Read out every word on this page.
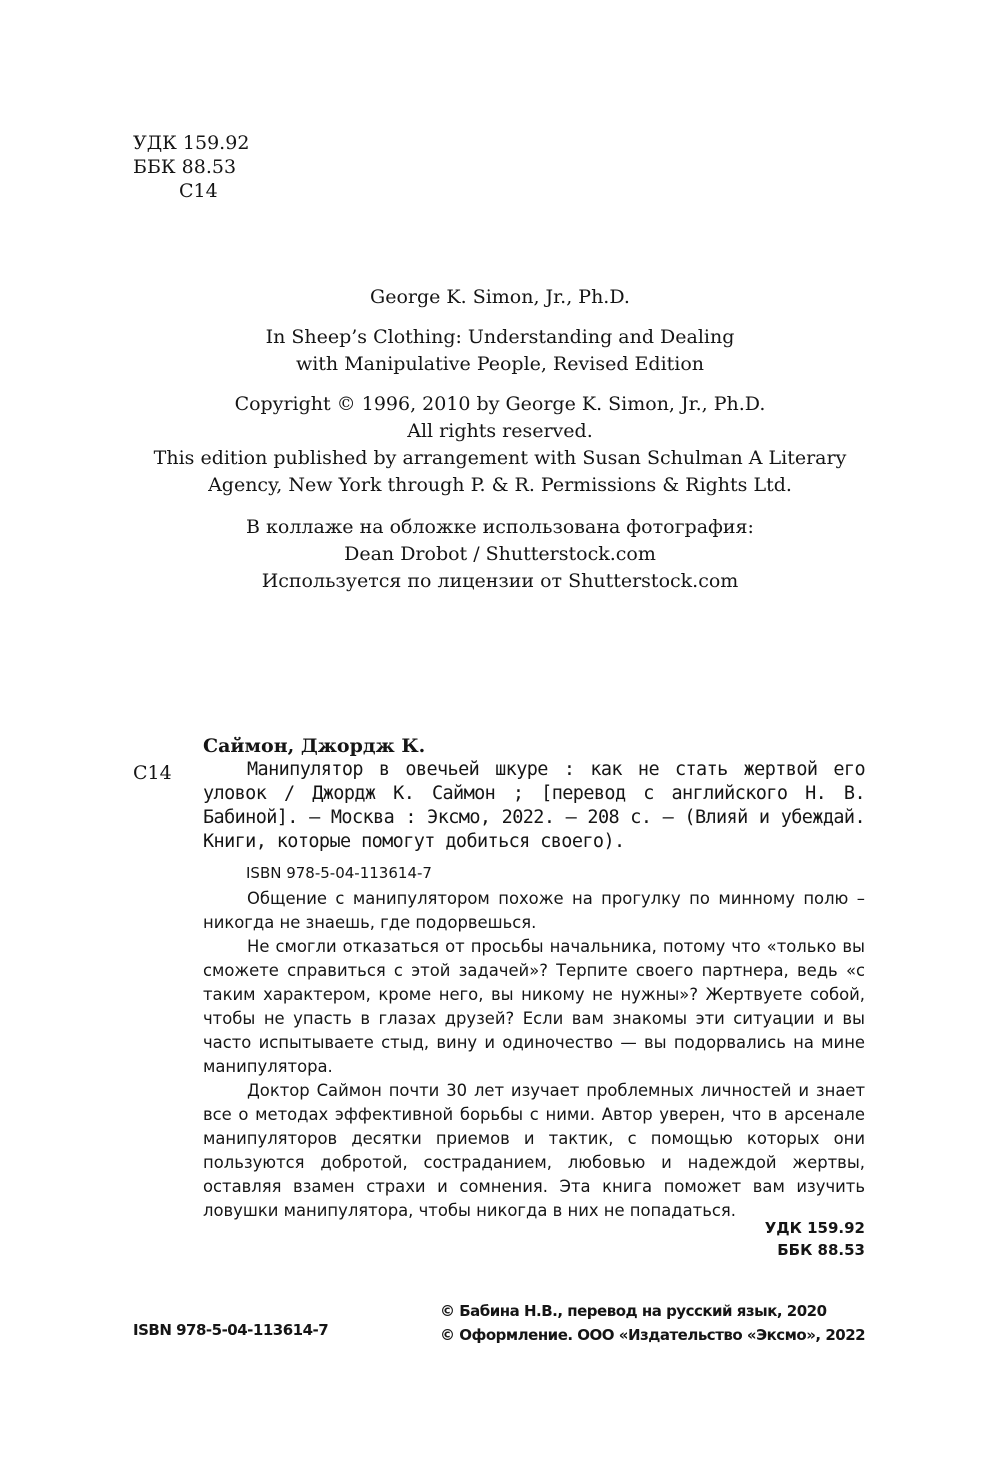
УДК 159.92
ББК 88.53
С14
George K. Simon, Jr., Ph.D.
In Sheep’s Clothing: Understanding and Dealing
with Manipulative People, Revised Edition
Copyright © 1996, 2010 by George K. Simon, Jr., Ph.D.
All rights reserved.
This edition published by arrangement with Susan Schulman A Literary
Agency, New York through P. & R. Permissions & Rights Ltd.
В коллаже на обложке использована фотография:
Dean Drobot / Shutterstock.com
Используется по лицензии от Shutterstock.com
Саймон, Джордж К.
С14	Манипулятор в овечьей шкуре : как не стать жертвой его уловок / Джордж К. Саймон ; [перевод с английского Н. В. Бабиной]. — Москва : Эксмо, 2022. — 208 с. — (Влияй и убеждай. Книги, которые помогут добиться своего).
ISBN 978-5-04-113614-7

Общение с манипулятором похоже на прогулку по минному полю – никогда не знаешь, где подорвешься.

Не смогли отказаться от просьбы начальника, потому что «только вы сможете справиться с этой задачей»? Терпите своего партнера, ведь «с таким характером, кроме него, вы никому не нужны»? Жертвуете собой, чтобы не упасть в глазах друзей? Если вам знакомы эти ситуации и вы часто испытываете стыд, вину и одиночество — вы подорвались на мине манипулятора.

Доктор Саймон почти 30 лет изучает проблемных личностей и знает все о методах эффективной борьбы с ними. Автор уверен, что в арсенале манипуляторов десятки приемов и тактик, с помощью которых они пользуются добротой, состраданием, любовью и надеждой жертвы, оставляя взамен страхи и сомнения. Эта книга поможет вам изучить ловушки манипулятора, чтобы никогда в них не попадаться.

УДК 159.92
ББК 88.53
ISBN 978-5-04-113614-7
© Бабина Н.В., перевод на русский язык, 2020
© Оформление. ООО «Издательство «Эксмо», 2022
